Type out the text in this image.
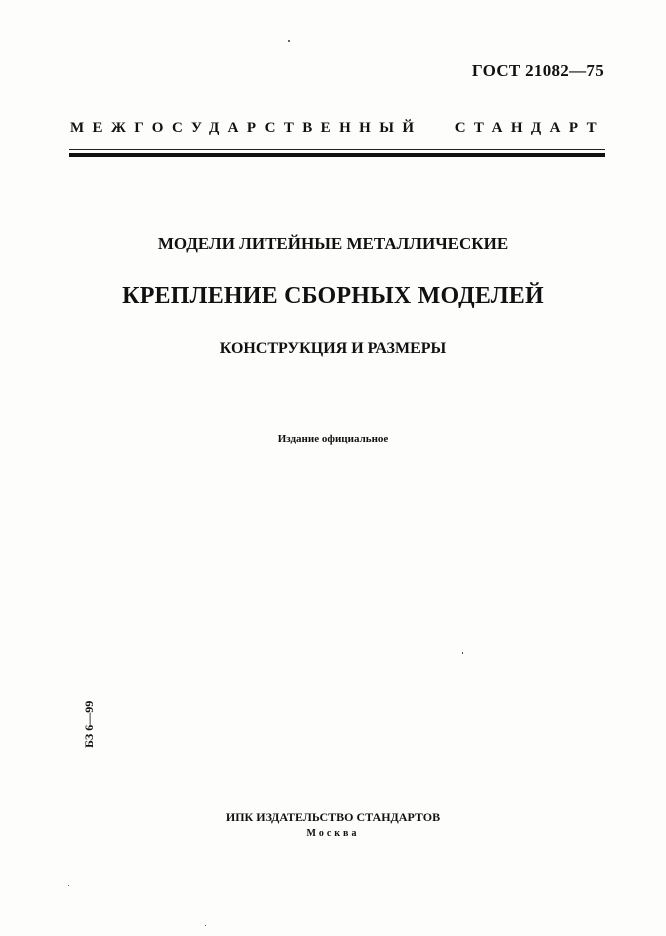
ГОСТ 21082—75
МЕЖГОСУДАРСТВЕННЫЙ СТАНДАРТ
МОДЕЛИ ЛИТЕЙНЫЕ МЕТАЛЛИЧЕСКИЕ
КРЕПЛЕНИЕ СБОРНЫХ МОДЕЛЕЙ
КОНСТРУКЦИЯ И РАЗМЕРЫ
Издание официальное
БЗ 6—99
ИПК ИЗДАТЕЛЬСТВО СТАНДАРТОВ
Москва
